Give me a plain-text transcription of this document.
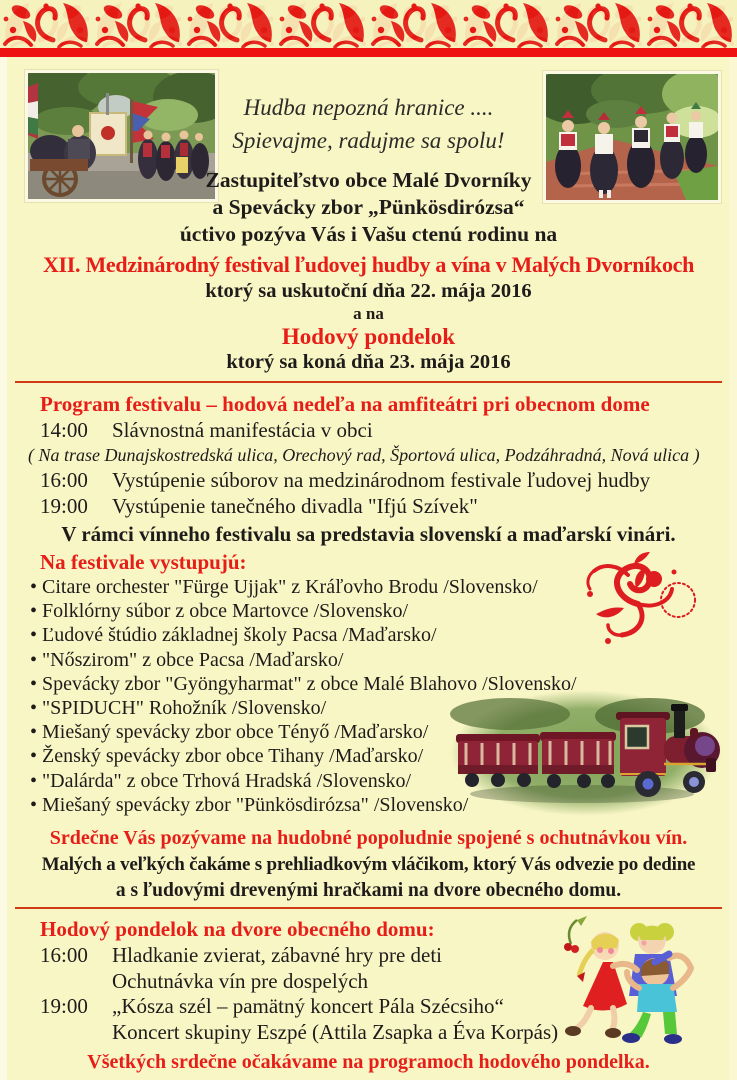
Hudba nepozná hranice ....
Spievajme, radujme sa spolu!
Zastupiteľstvo obce Malé Dvorníky
a Spevácky zbor „Pünkösdirózsa“
úctivo pozýva Vás i Vašu ctenú rodinu na
XII. Medzinárodný festival ľudovej hudby a vína v Malých Dvorníkoch
ktorý sa uskutoční dňa 22. mája 2016
a na
Hodový pondelok
ktorý sa koná dňa 23. mája 2016
Program festivalu – hodová nedeľa na amfiteátri pri obecnom dome
14:00	Slávnostná manifestácia v obci
( Na trase Dunajskostredská ulica, Orechový rad, Športová ulica, Podzáhradná, Nová ulica )
16:00	Vystúpenie súborov na medzinárodnom festivale ľudovej hudby
19:00	Vystúpenie tanečného divadla "Ifjú Szívek"
V rámci vínneho festivalu sa predstavia slovenskí a maďarskí vinári.
Na festivale vystupujú:
• Citare orchester "Fürge Ujjak" z Kráľovho Brodu /Slovensko/
• Folklórny súbor z obce Martovce /Slovensko/
• Ľudové štúdio základnej školy Pacsa /Maďarsko/
• "Nőszirom" z obce Pacsa /Maďarsko/
• Spevácky zbor "Gyöngyharmat" z obce Malé Blahovo /Slovensko/
• "SPIDUCH" Rohožník /Slovensko/
• Miešaný spevácky zbor obce Tényő /Maďarsko/
• Ženský spevácky zbor obce Tihany /Maďarsko/
• "Dalárda" z obce Trhová Hradská /Slovensko/
• Miešaný spevácky zbor "Pünkösdirózsa" /Slovensko/
Srdečne Vás pozývame na hudobné popoludnie spojené s ochutnávkou vín.
Malých a veľkých čakáme s prehliadkovým vláčikom, ktorý Vás odvezie po dedine
a s ľudovými drevenými hračkami na dvore obecného domu.
Hodový pondelok na dvore obecného domu:
16:00	Hladkanie zvierat, zábavné hry pre deti
Ochutnávka vín pre dospelých
19:00	„Kósza szél – pamätný koncert Pála Szécsiho“
Koncert skupiny Eszpé (Attila Zsapka a Éva Korpás)
Všetkých srdečne očakávame na programoch hodového pondelka.
